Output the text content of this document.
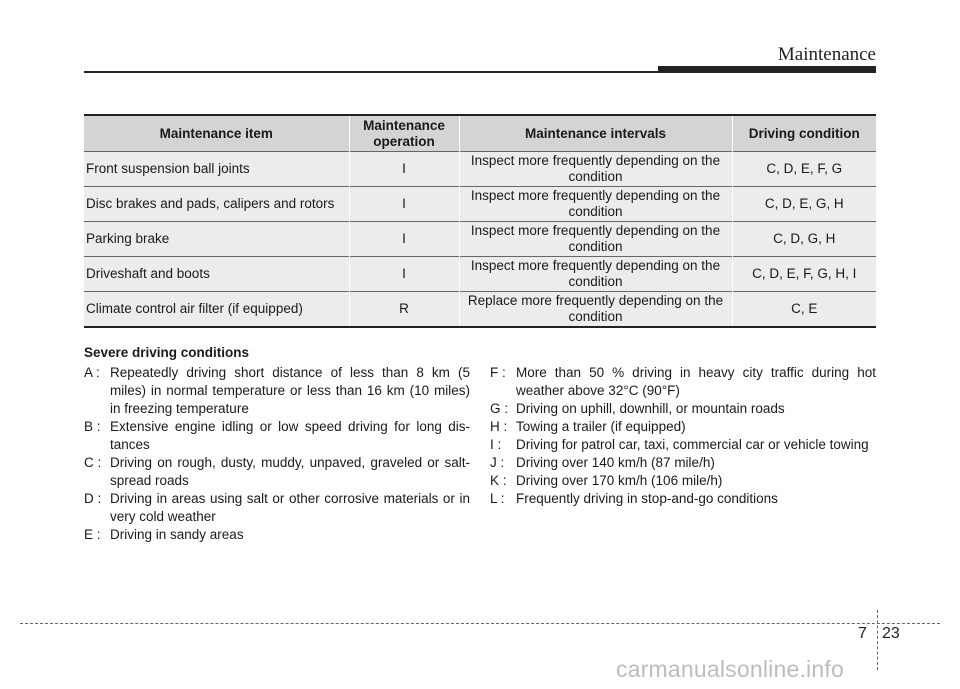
Maintenance
Maintenance item	Maintenance operation	Maintenance intervals	Driving condition
Front suspension ball joints	I	Inspect more frequently depending on the condition	C, D, E, F, G
Disc brakes and pads, calipers and rotors	I	Inspect more frequently depending on the condition	C, D, E, G, H
Parking brake	I	Inspect more frequently depending on the condition	C, D, G, H
Driveshaft and boots	I	Inspect more frequently depending on the condition	C, D, E, F, G, H, I
Climate control air filter (if equipped)	R	Replace more frequently depending on the condition	C, E
Severe driving conditions
A : Repeatedly driving short distance of less than 8 km (5 miles) in normal temperature or less than 16 km (10 miles) in freezing temperature
B : Extensive engine idling or low speed driving for long dis-tances
C : Driving on rough, dusty, muddy, unpaved, graveled or salt-spread roads
D : Driving in areas using salt or other corrosive materials or in very cold weather
E : Driving in sandy areas
F : More than 50 % driving in heavy city traffic during hot weather above 32°C (90°F)
G : Driving on uphill, downhill, or mountain roads
H : Towing a trailer (if equipped)
I :	Driving for patrol car, taxi, commercial car or vehicle towing
J : Driving over 140 km/h (87 mile/h)
K : Driving over 170 km/h (106 mile/h)
L : Frequently driving in stop-and-go conditions
7 23
carmanualsonline.info
